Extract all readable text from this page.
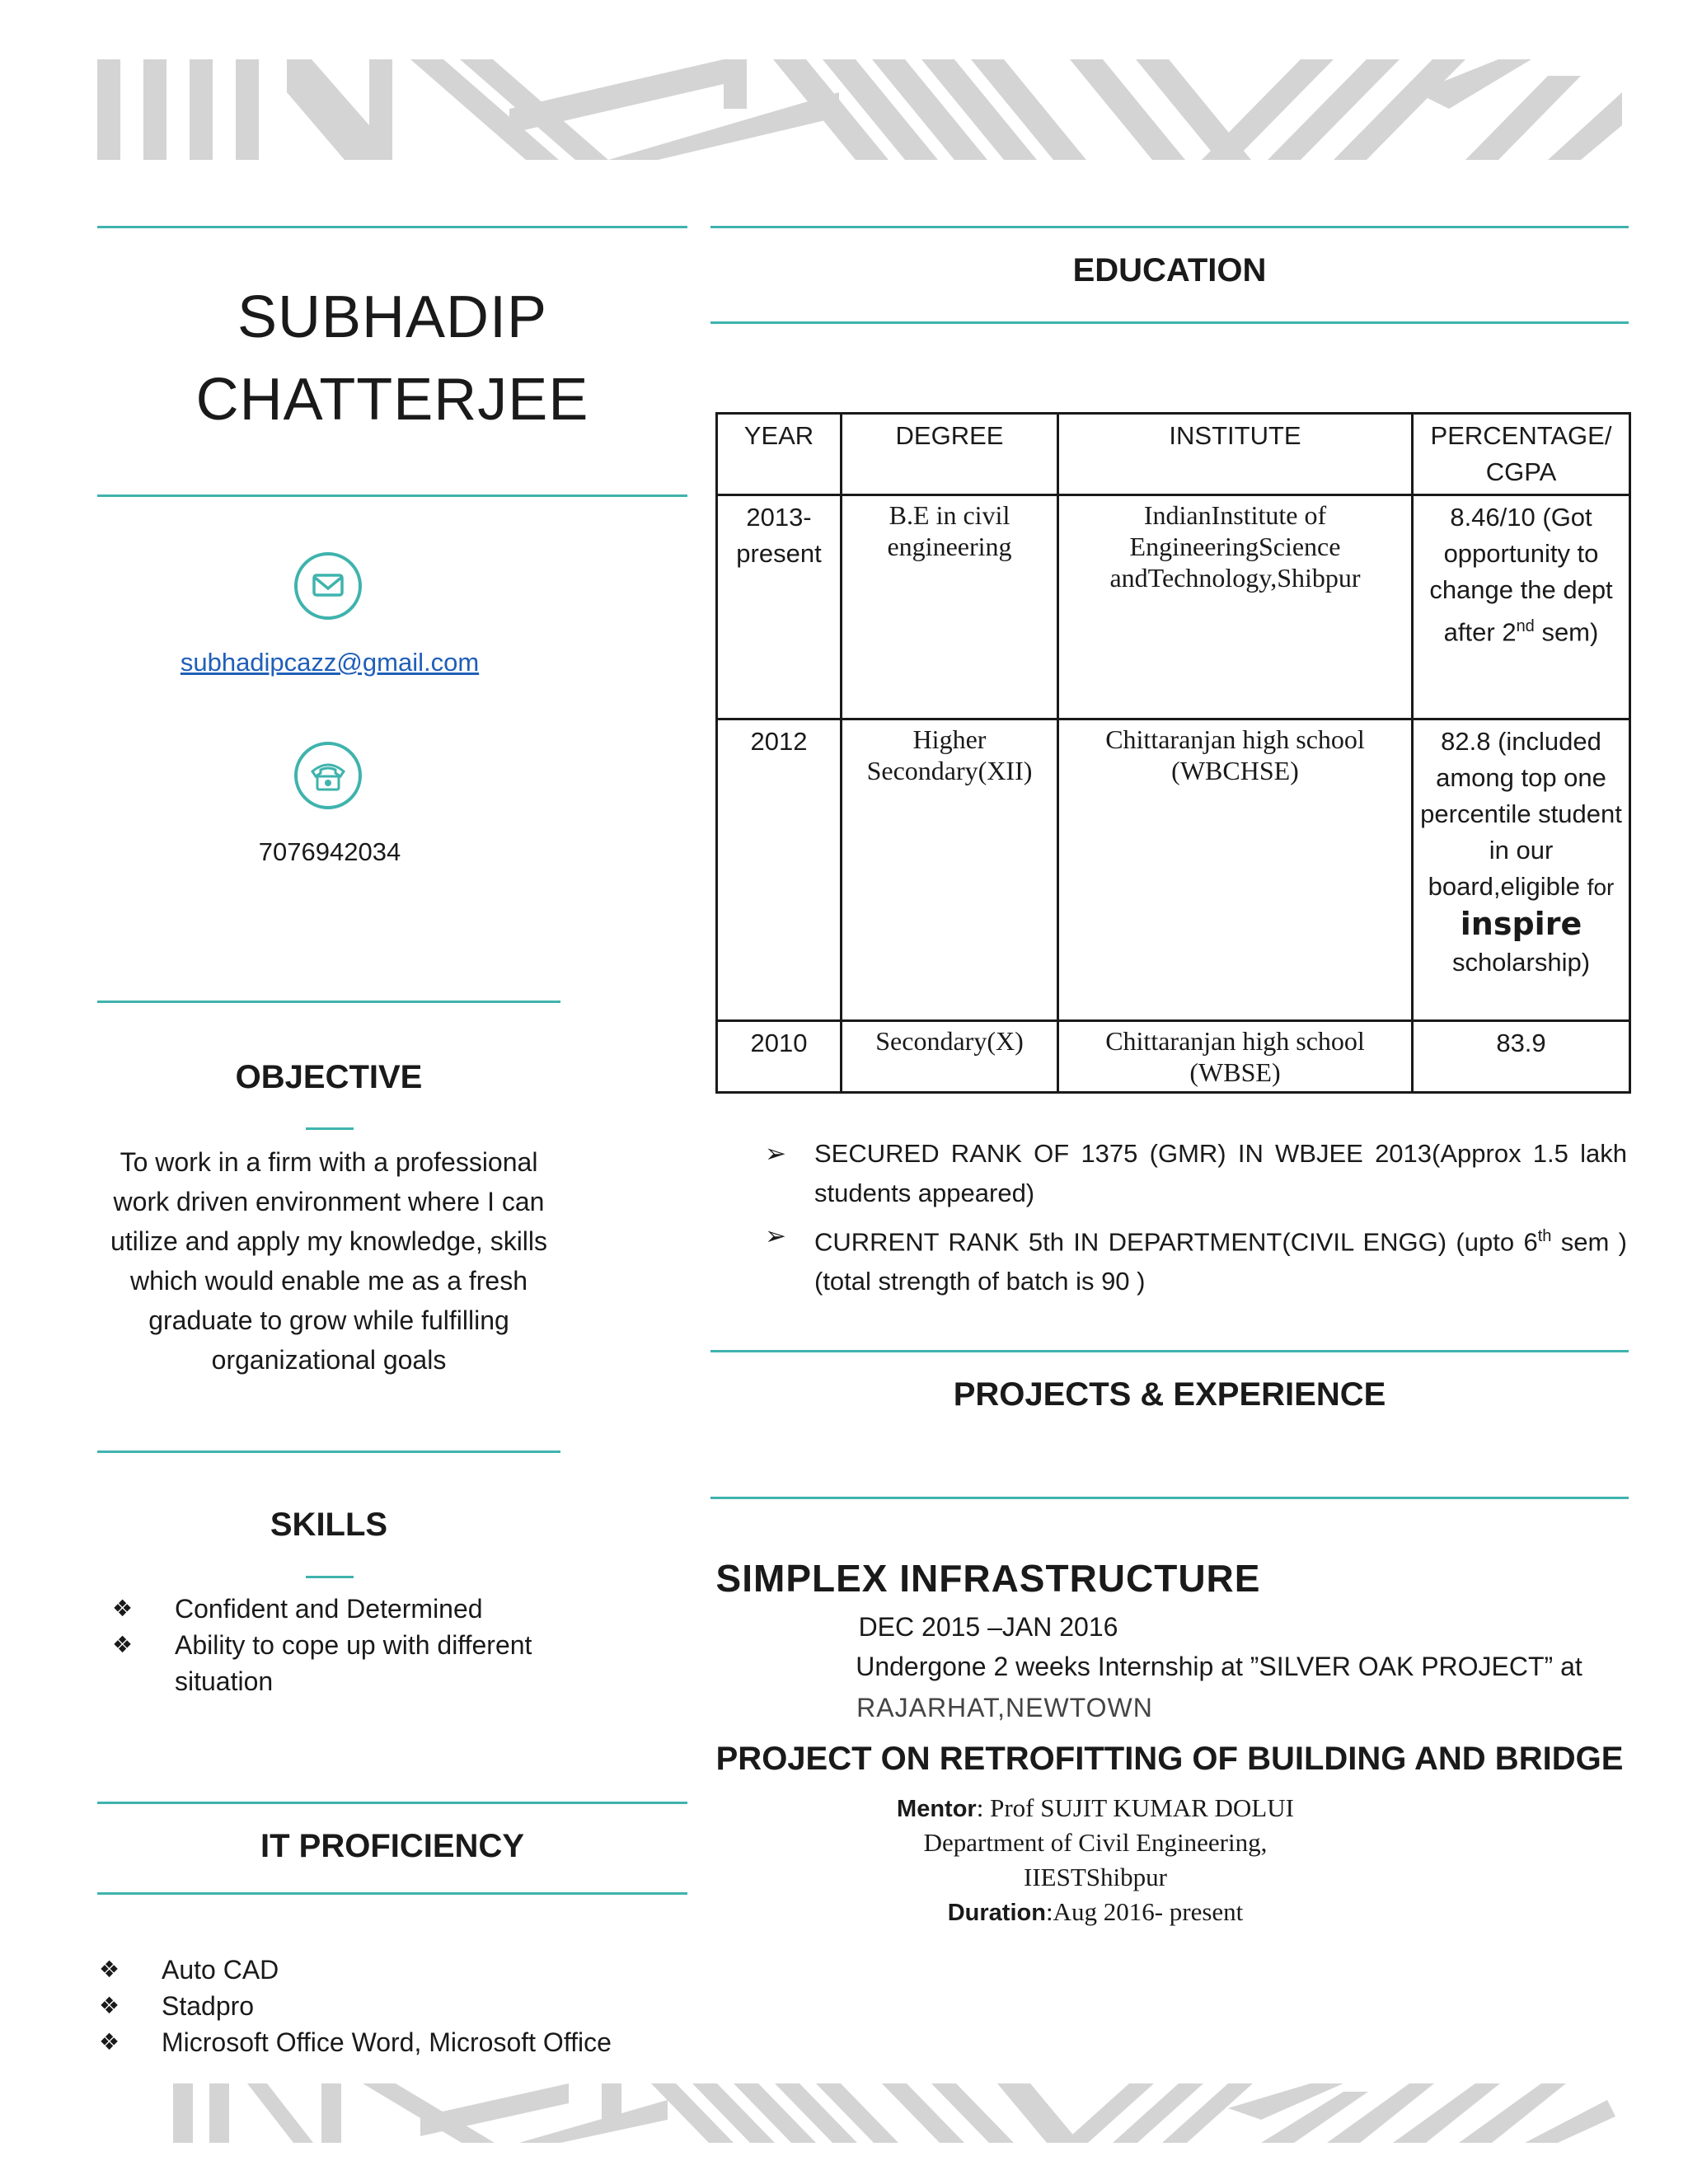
SUBHADIP
CHATTERJEE
subhadipcazz@gmail.com
7076942034
OBJECTIVE
To work in a firm with a professional work driven environment where I can utilize and apply my knowledge, skills which would enable me as a fresh graduate to grow while fulfilling organizational goals
SKILLS
❖ Confident and Determined
❖ Ability to cope up with different situation
IT PROFICIENCY
❖ Auto CAD
❖ Stadpro
❖ Microsoft Office Word, Microsoft Office
EDUCATION
YEAR	DEGREE	INSTITUTE	PERCENTAGE/ CGPA
2013-present	B.E in civil engineering	IndianInstitute of EngineeringScience andTechnology,Shibpur	8.46/10 (Got opportunity to change the dept after 2nd sem)
2012	Higher Secondary(XII)	Chittaranjan high school (WBCHSE)	82.8 (included among top one percentile student in our board,eligible for inspire scholarship)
2010	Secondary(X)	Chittaranjan high school (WBSE)	83.9
➢ SECURED RANK OF 1375 (GMR) IN WBJEE 2013(Approx 1.5 lakh students appeared)
➢ CURRENT RANK 5th IN DEPARTMENT(CIVIL ENGG) (upto 6th sem ) (total strength of batch is 90 )
PROJECTS & EXPERIENCE
SIMPLEX INFRASTRUCTURE
DEC 2015 –JAN 2016
Undergone 2 weeks Internship at ”SILVER OAK PROJECT” at
RAJARHAT,NEWTOWN
PROJECT ON RETROFITTING OF BUILDING AND BRIDGE
Mentor: Prof SUJIT KUMAR DOLUI
Department of Civil Engineering,
IIESTShibpur
Duration:Aug 2016- present
